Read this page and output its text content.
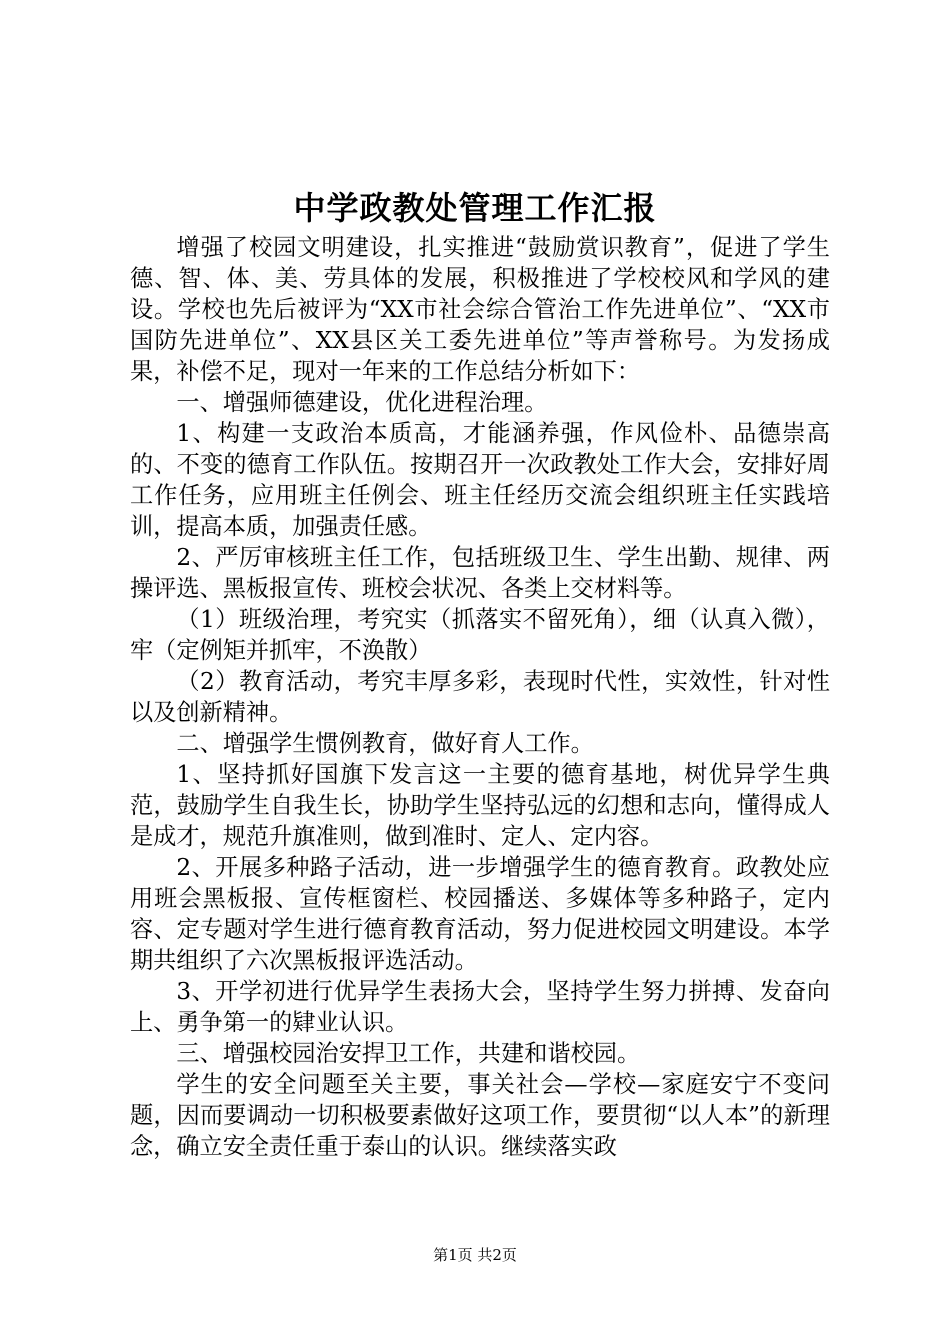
中学政教处管理工作汇报

增强了校园文明建设，扎实推进“鼓励赏识教育”，促进了学生德、智、体、美、劳具体的发展，积极推进了学校校风和学风的建设。学校也先后被评为“XX市社会综合管治工作先进单位”、“XX市国防先进单位”、XX县区关工委先进单位”等声誉称号。为发扬成果，补偿不足，现对一年来的工作总结分析如下：

一、增强师德建设，优化进程治理。

1、构建一支政治本质高，才能涵养强，作风俭朴、品德崇高的、不变的德育工作队伍。按期召开一次政教处工作大会，安排好周工作任务，应用班主任例会、班主任经历交流会组织班主任实践培训，提高本质，加强责任感。

2、严厉审核班主任工作，包括班级卫生、学生出勤、规律、两操评选、黑板报宣传、班校会状况、各类上交材料等。

（1）班级治理，考究实（抓落实不留死角），细（认真入微），牢（定例矩并抓牢，不涣散）

（2）教育活动，考究丰厚多彩，表现时代性，实效性，针对性以及创新精神。

二、增强学生惯例教育，做好育人工作。

1、坚持抓好国旗下发言这一主要的德育基地，树优异学生典范，鼓励学生自我生长，协助学生坚持弘远的幻想和志向，懂得成人是成才，规范升旗准则，做到准时、定人、定内容。

2、开展多种路子活动，进一步增强学生的德育教育。政教处应用班会黑板报、宣传框窗栏、校园播送、多媒体等多种路子，定内容、定专题对学生进行德育教育活动，努力促进校园文明建设。本学期共组织了六次黑板报评选活动。

3、开学初进行优异学生表扬大会，坚持学生努力拼搏、发奋向上、勇争第一的肄业认识。

三、增强校园治安捍卫工作，共建和谐校园。

学生的安全问题至关主要，事关社会—学校—家庭安宁不变问题，因而要调动一切积极要素做好这项工作，要贯彻“以人本”的新理念，确立安全责任重于泰山的认识。继续落实政

第1页 共2页
